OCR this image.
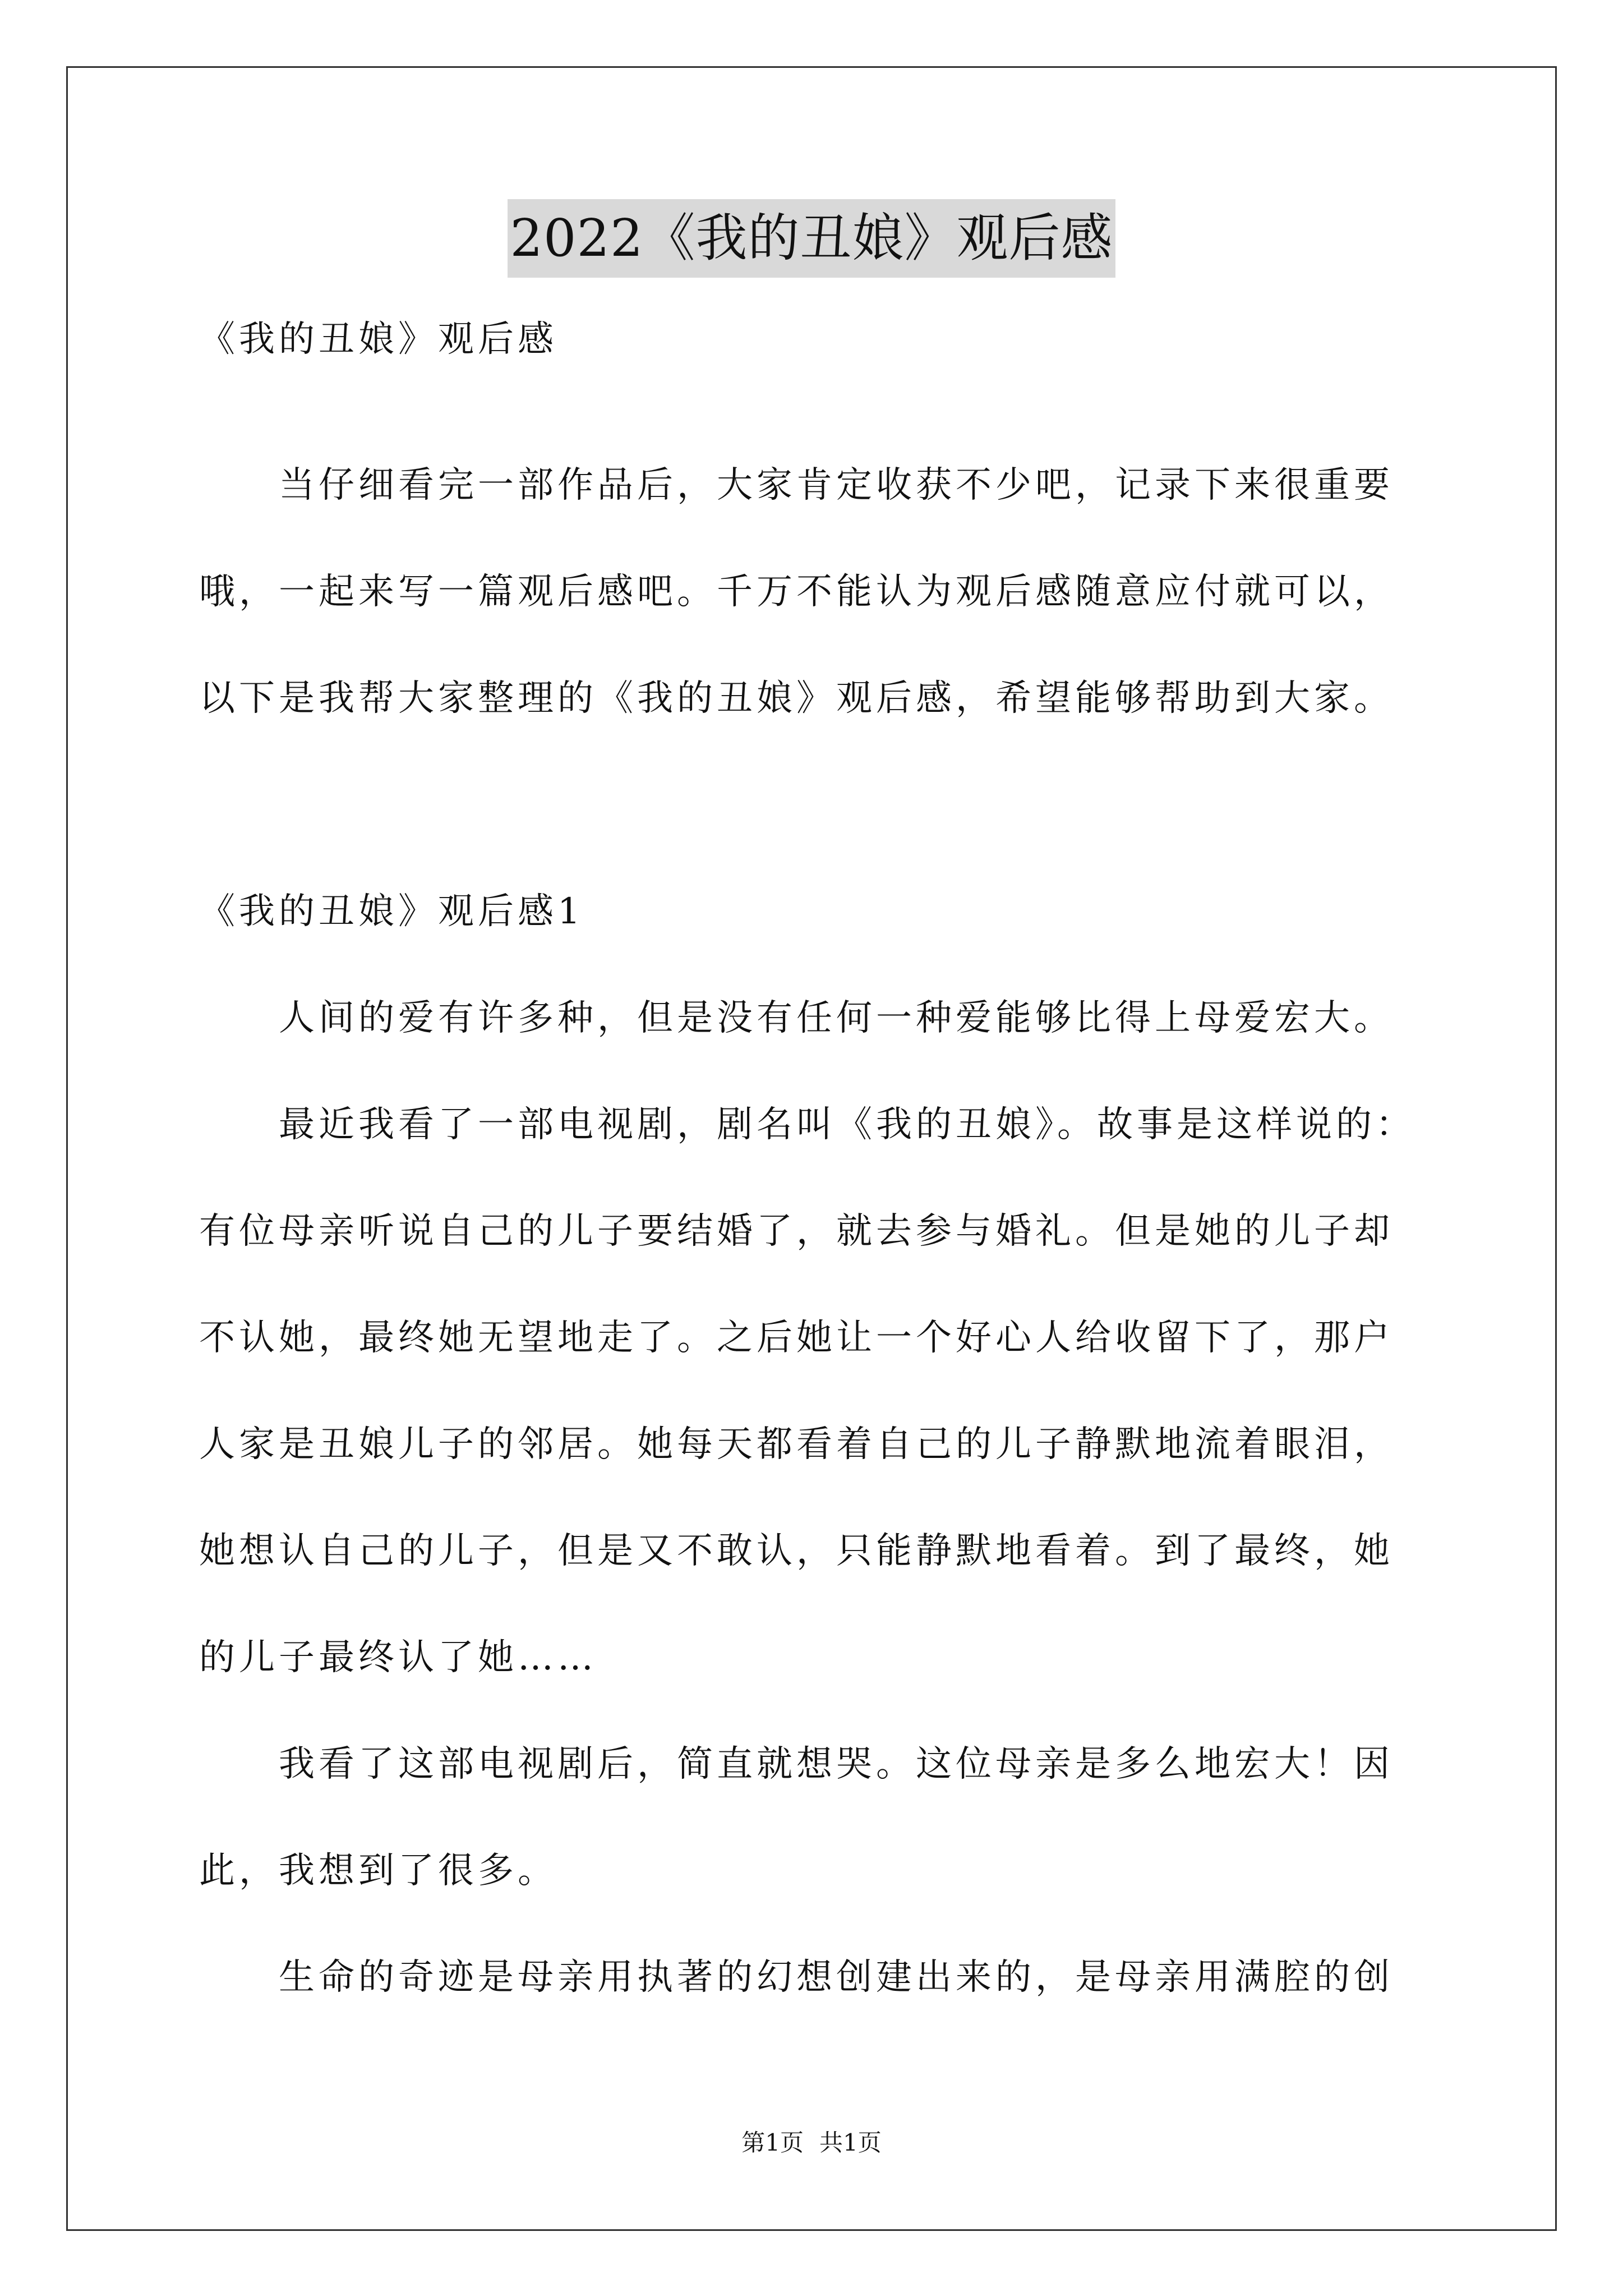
2022《我的丑娘》观后感
《我的丑娘》观后感
　　当仔细看完一部作品后，大家肯定收获不少吧，记录下来很重要
哦，一起来写一篇观后感吧。千万不能认为观后感随意应付就可以，
以下是我帮大家整理的《我的丑娘》观后感，希望能够帮助到大家。
《我的丑娘》观后感1
　　人间的爱有许多种，但是没有任何一种爱能够比得上母爱宏大。
　　最近我看了一部电视剧，剧名叫《我的丑娘》。故事是这样说的：
有位母亲听说自己的儿子要结婚了，就去参与婚礼。但是她的儿子却
不认她，最终她无望地走了。之后她让一个好心人给收留下了，那户
人家是丑娘儿子的邻居。她每天都看着自己的儿子静默地流着眼泪，
她想认自己的儿子，但是又不敢认，只能静默地看着。到了最终，她
的儿子最终认了她……
　　我看了这部电视剧后，简直就想哭。这位母亲是多么地宏大！因
此，我想到了很多。
　　生命的奇迹是母亲用执著的幻想创建出来的，是母亲用满腔的创
第1页 共1页
